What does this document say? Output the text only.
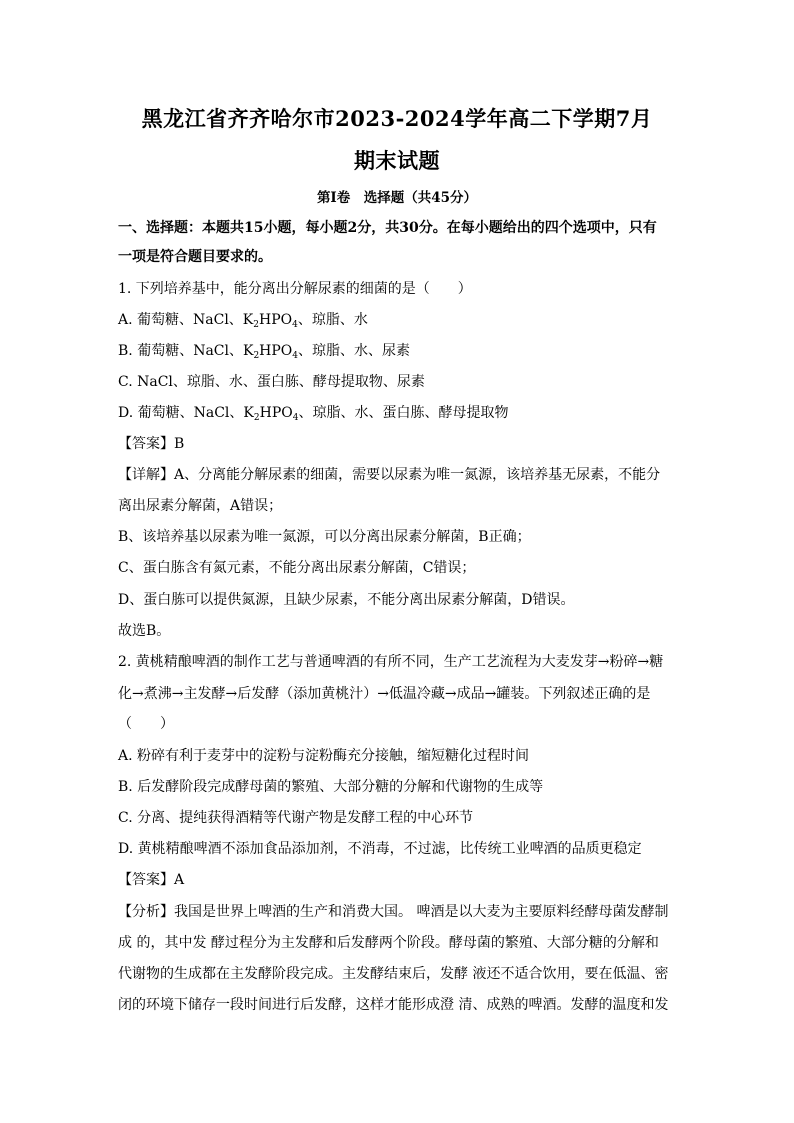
黑龙江省齐齐哈尔市2023-2024学年高二下学期7月
期末试题
第Ⅰ卷　选择题（共45分）
一、选择题：本题共15小题，每小题2分，共30分。在每小题给出的四个选项中，只有
一项是符合题目要求的。
1. 下列培养基中，能分离出分解尿素的细菌的是（　　）
A. 葡萄糖、NaCl、$K_2HPO_4$、琼脂、水
B. 葡萄糖、NaCl、$K_2HPO_4$、琼脂、水、尿素
C. NaCl、琼脂、水、蛋白胨、酵母提取物、尿素
D. 葡萄糖、NaCl、$K_2HPO_4$、琼脂、水、蛋白胨、酵母提取物
【答案】B
【详解】A、分离能分解尿素的细菌，需要以尿素为唯一氮源，该培养基无尿素，不能分
离出尿素分解菌，A错误；
B、该培养基以尿素为唯一氮源，可以分离出尿素分解菌，B正确；
C、蛋白胨含有氮元素，不能分离出尿素分解菌，C错误；
D、蛋白胨可以提供氮源，且缺少尿素，不能分离出尿素分解菌，D错误。
故选B。
2. 黄桃精酿啤酒的制作工艺与普通啤酒的有所不同，生产工艺流程为大麦发芽→粉碎→糖
化→煮沸→主发酵→后发酵（添加黄桃汁）→低温冷藏→成品→罐装。下列叙述正确的是
（　　）
A. 粉碎有利于麦芽中的淀粉与淀粉酶充分接触，缩短糖化过程时间
B. 后发酵阶段完成酵母菌的繁殖、大部分糖的分解和代谢物的生成等
C. 分离、提纯获得酒精等代谢产物是发酵工程的中心环节
D. 黄桃精酿啤酒不添加食品添加剂，不消毒，不过滤，比传统工业啤酒的品质更稳定
【答案】A
【分析】我国是世界上啤酒的生产和消费大国。 啤酒是以大麦为主要原料经酵母菌发酵制
成 的，其中发 酵过程分为主发酵和后发酵两个阶段。酵母菌的繁殖、大部分糖的分解和
代谢物的生成都在主发酵阶段完成。主发酵结束后，发酵 液还不适合饮用，要在低温、密
闭的环境下储存一段时间进行后发酵，这样才能形成澄 清、成熟的啤酒。发酵的温度和发
